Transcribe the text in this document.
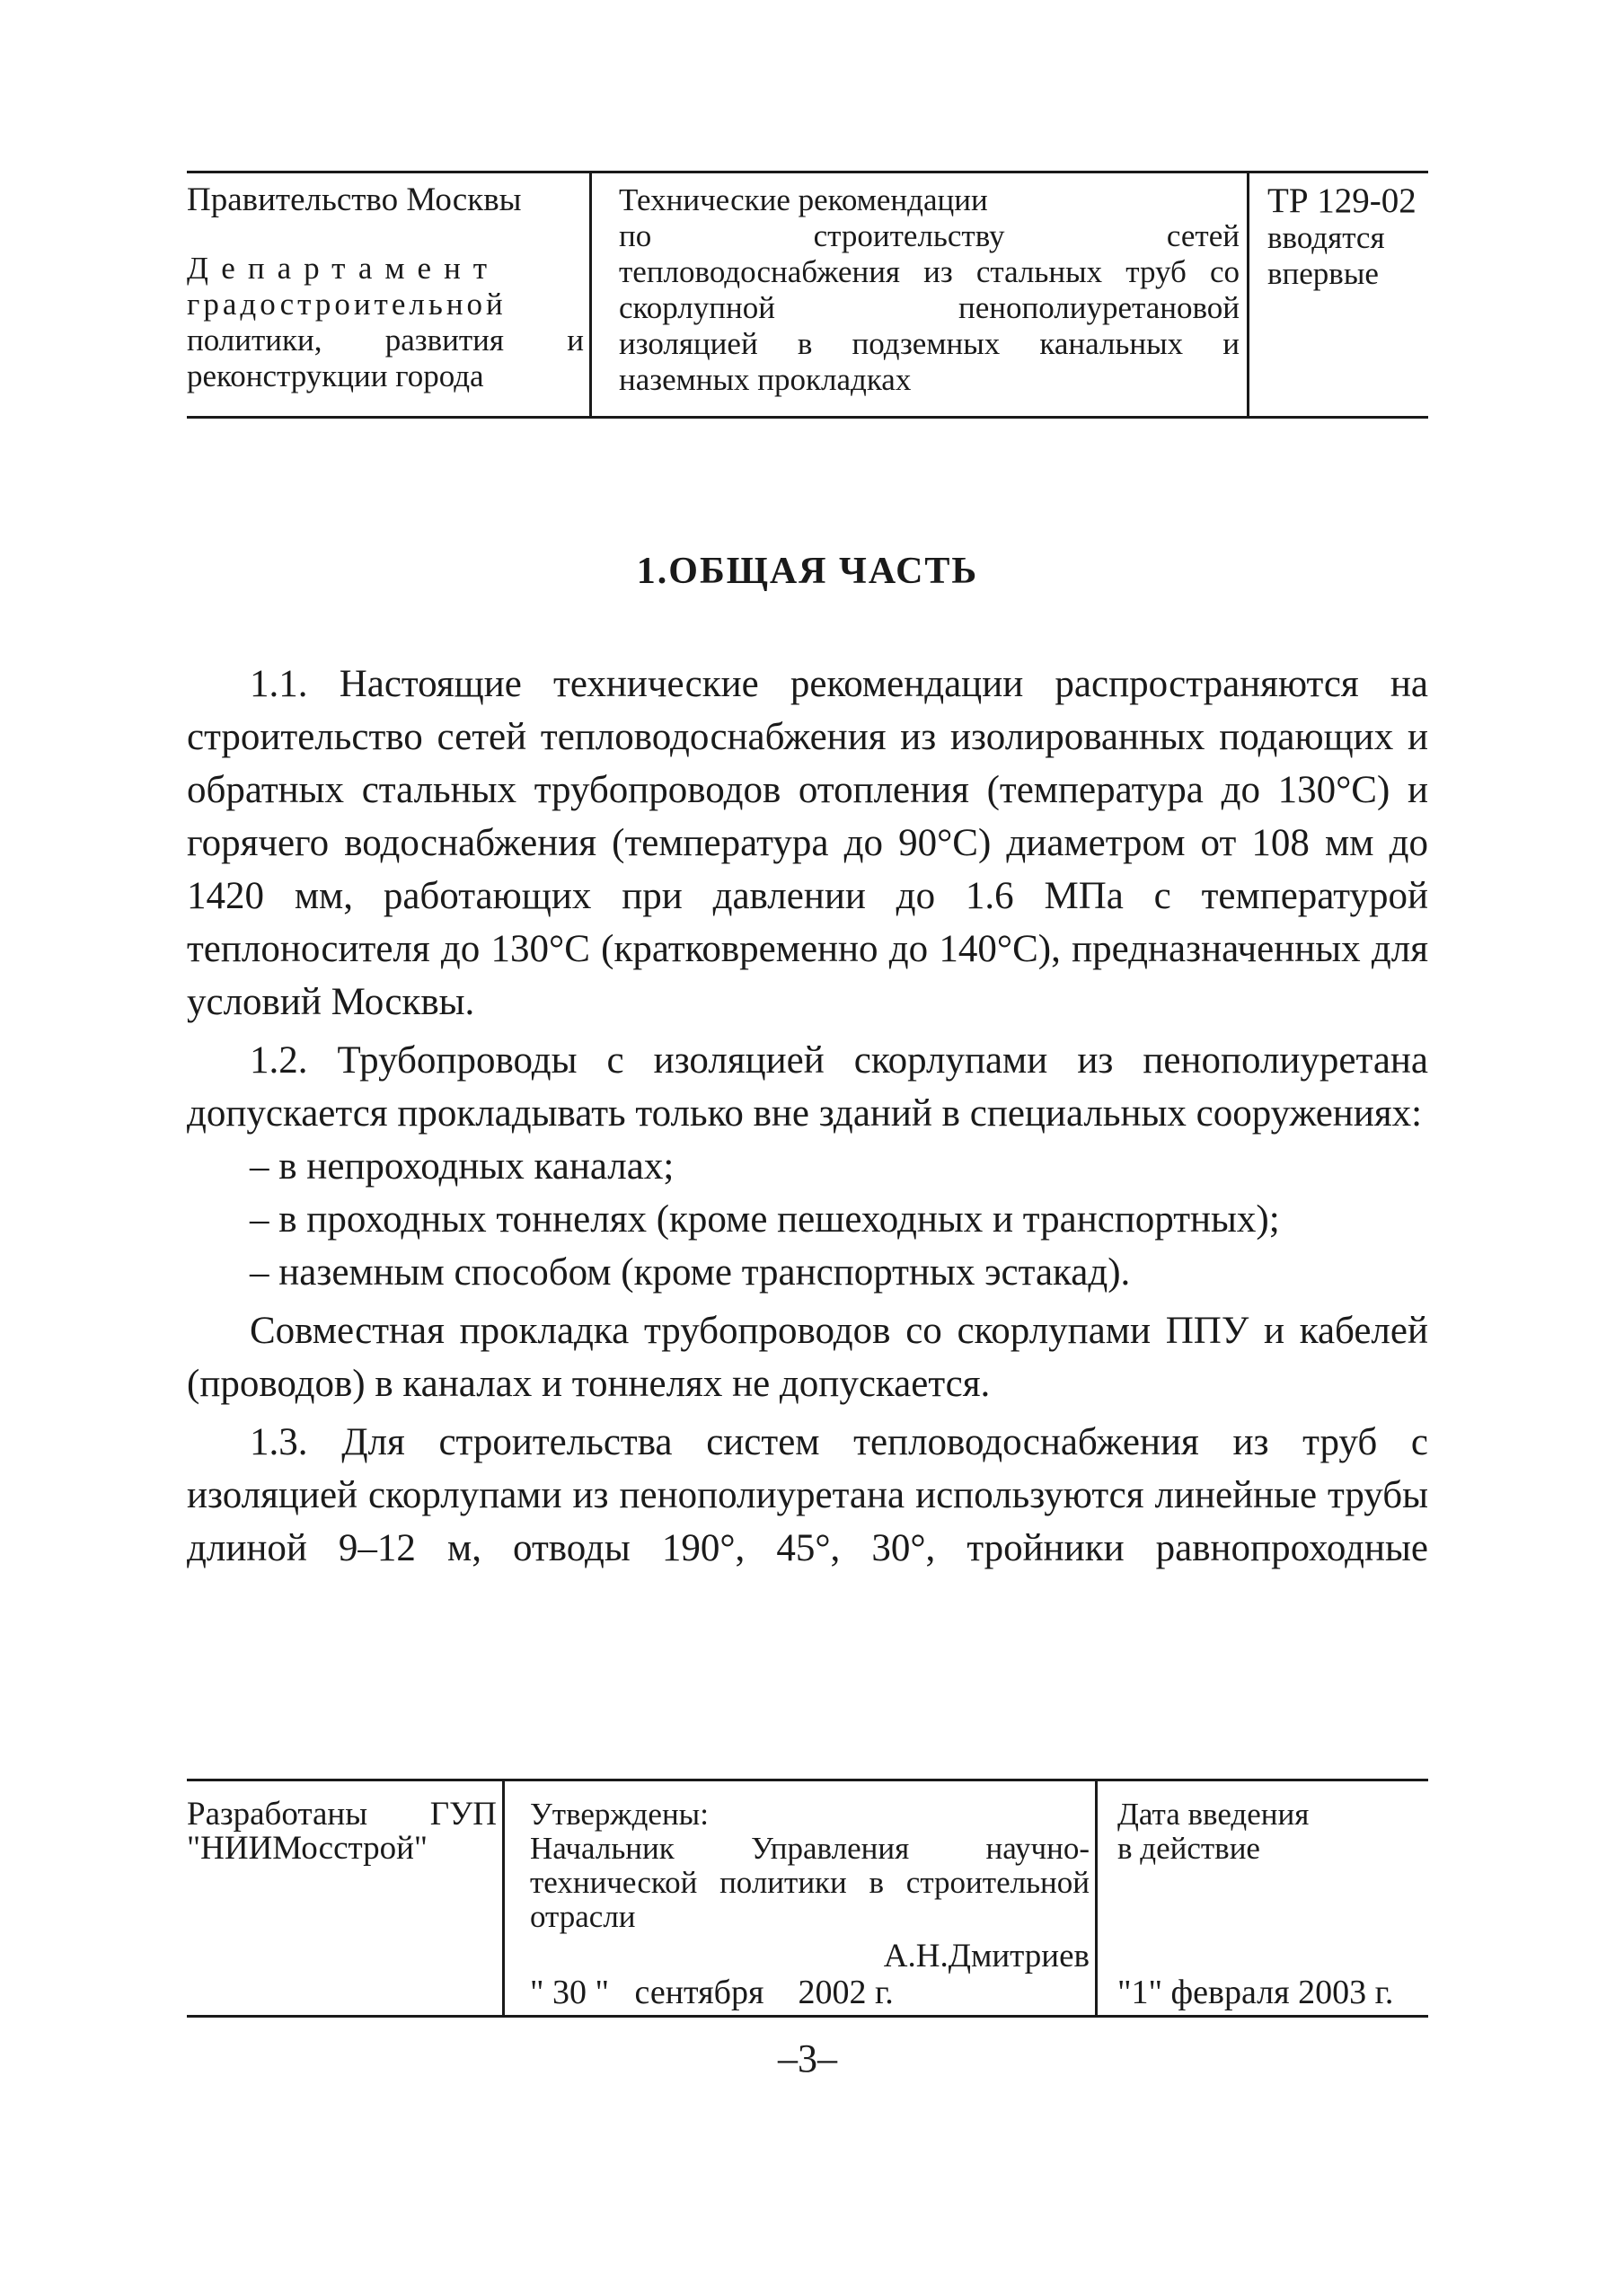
Правительство Москвы
Департамент
градостроительной
политики, развития и
реконструкции города
Технические рекомендации
по строительству сетей
тепловодоснабжения из стальных труб со
скорлупной пенополиуретановой
изоляцией в подземных канальных и
наземных прокладках
ТР 129-02
вводятся
впервые
1.ОБЩАЯ ЧАСТЬ

1.1. Настоящие технические рекомендации распространяются на строительство сетей тепловодоснабжения из изолированных подающих и обратных стальных трубопроводов отопления (температура до 130°С) и горячего водоснабжения (температура до 90°С) диаметром от 108 мм до 1420 мм, работающих при давлении до 1.6 МПа с температурой теплоносителя до 130°С (кратковременно до 140°С), предназначенных для условий Москвы.

1.2. Трубопроводы с изоляцией скорлупами из пенополиуретана допускается прокладывать только вне зданий в специальных сооружениях:

– в непроходных каналах;

– в проходных тоннелях (кроме пешеходных и транспортных);

– наземным способом (кроме транспортных эстакад).

Совместная прокладка трубопроводов со скорлупами ППУ и кабелей (проводов) в каналах и тоннелях не допускается.

1.3. Для строительства систем тепловодоснабжения из труб с изоляцией скорлупами из пенополиуретана используются линейные трубы длиной 9–12 м, отводы 190°, 45°, 30°, тройники равнопроходные

Разработаны ГУП
"НИИМосстрой"
Утверждены:
Начальник Управления научно-
технической политики в строительной
отрасли
А.Н.Дмитриев
" 30 "   сентября    2002 г.
Дата введения
в действие
"1" февраля 2003 г.
–3–
